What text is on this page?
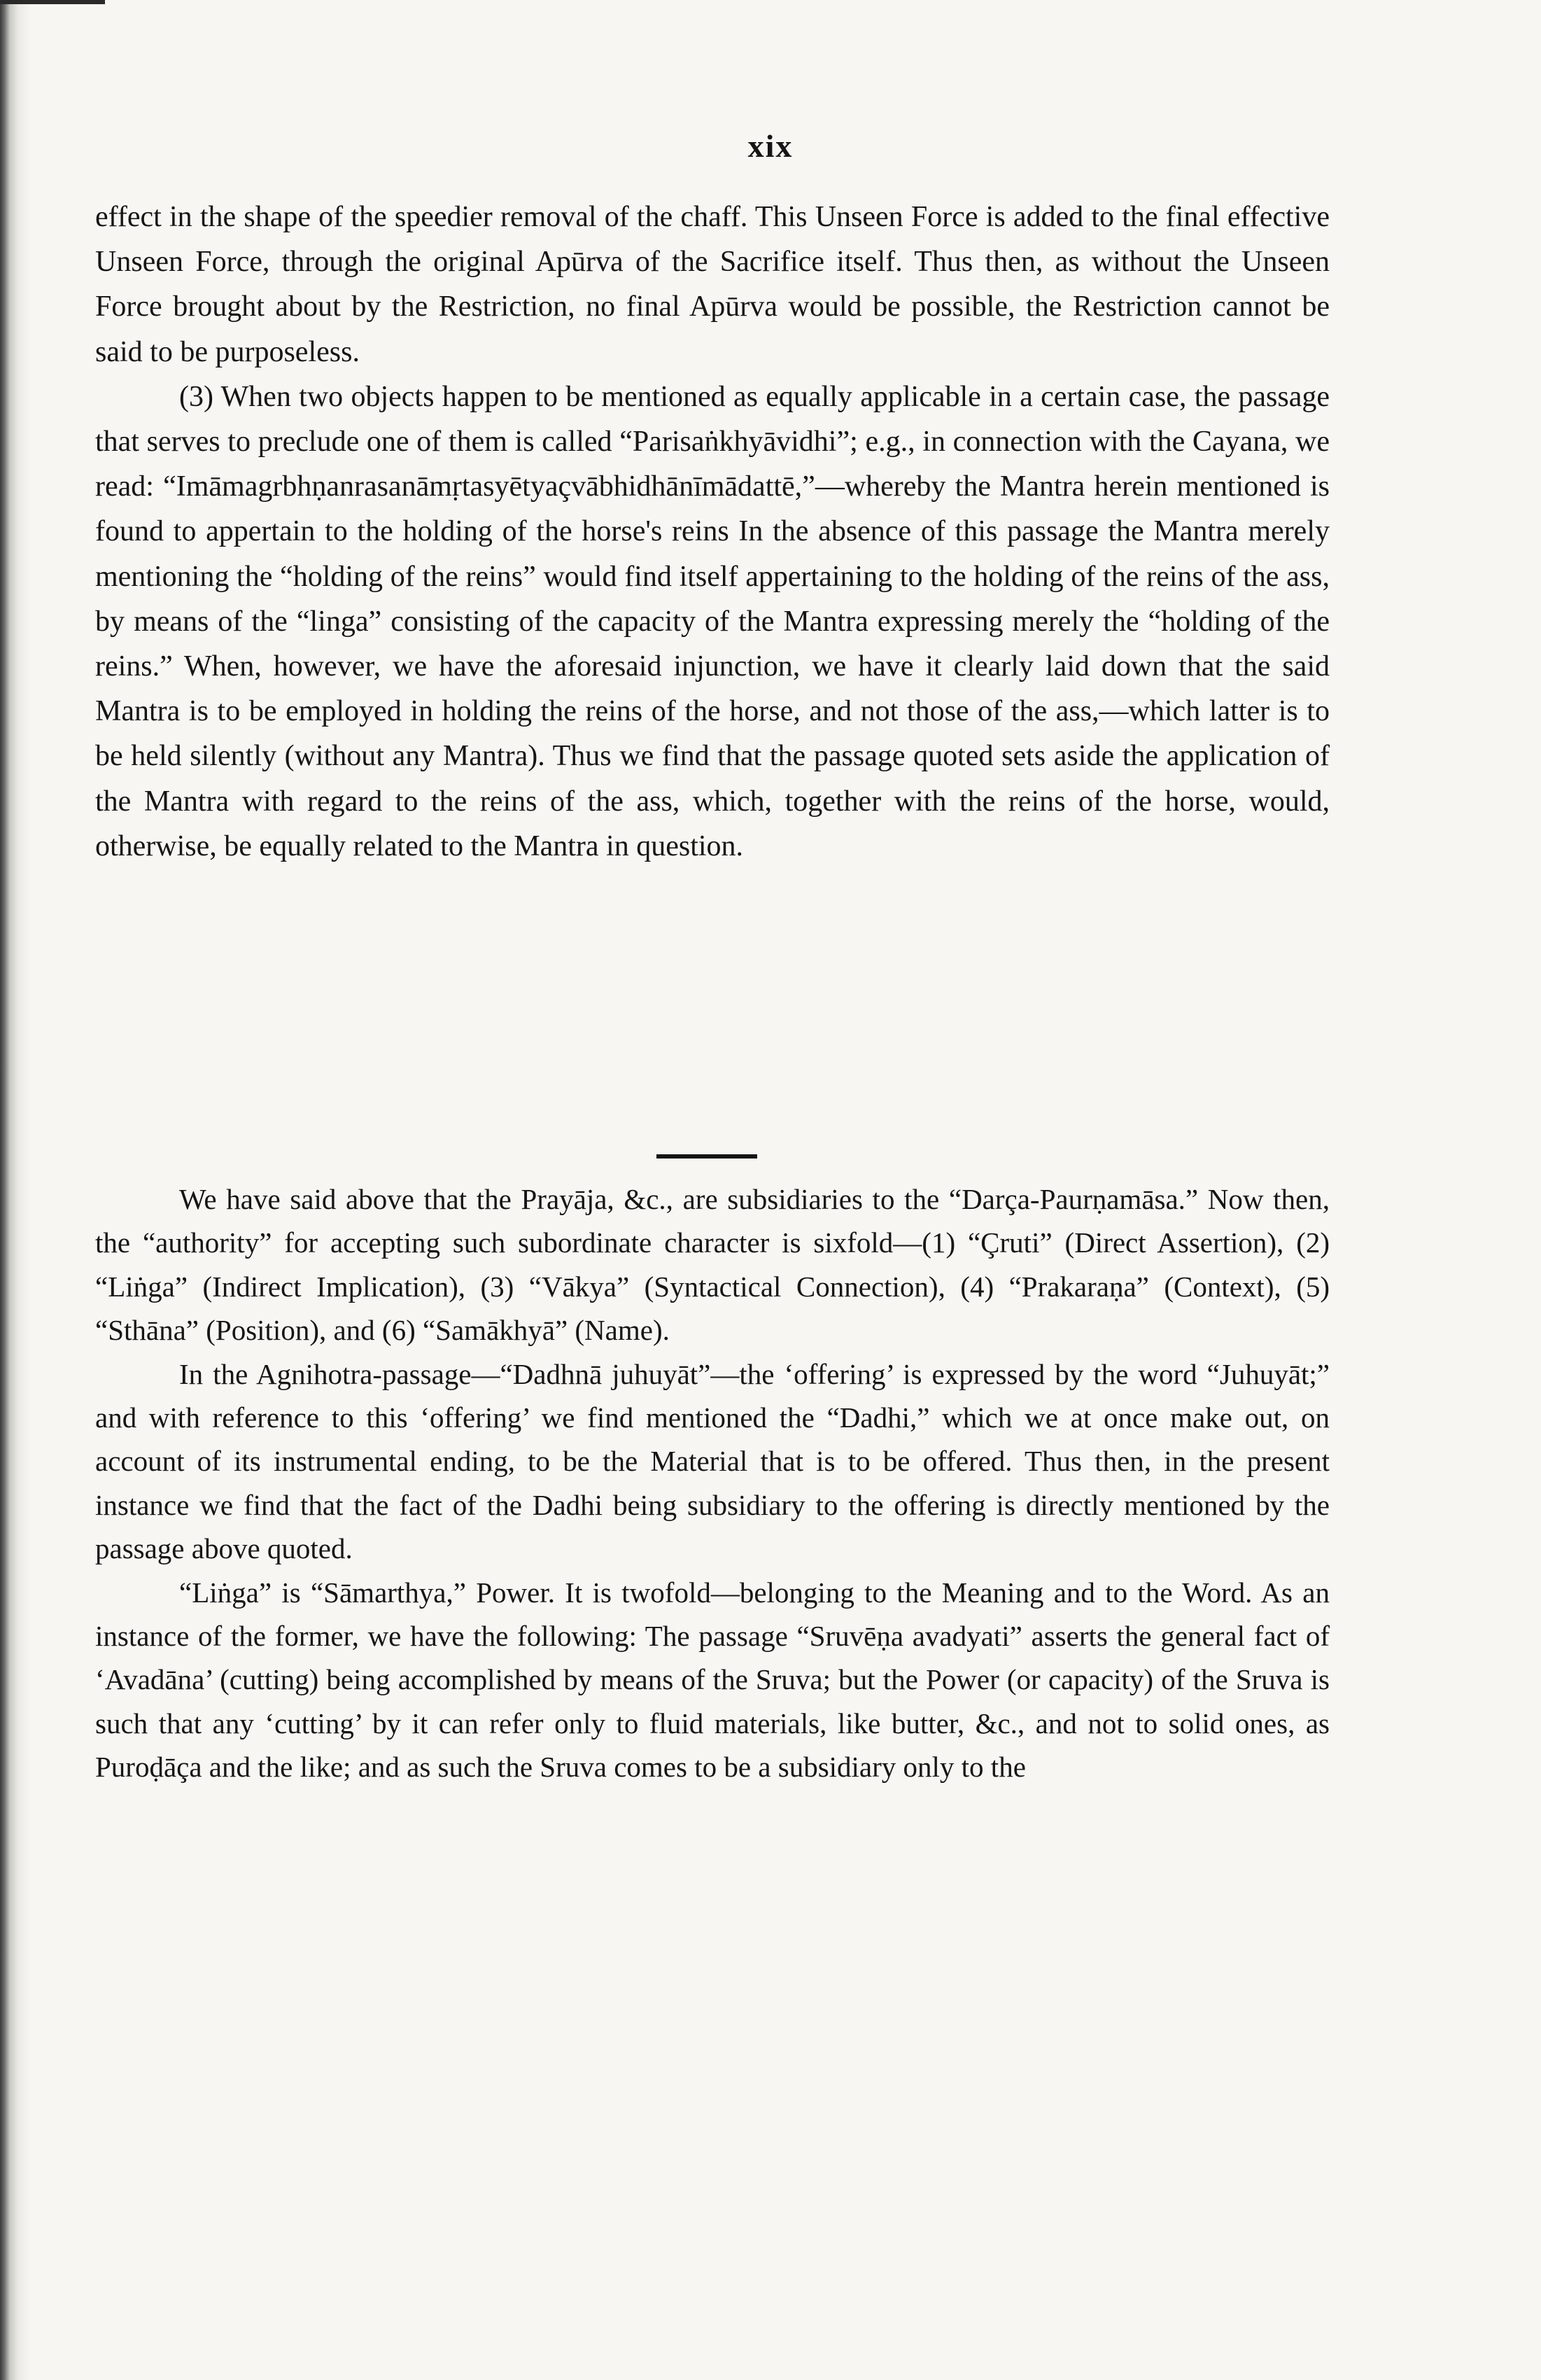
xix

effect in the shape of the speedier removal of the chaff. This Unseen Force is added to the final effective Unseen Force, through the original Apūrva of the Sacrifice itself. Thus then, as without the Unseen Force brought about by the Restriction, no final Apūrva would be possible, the Restriction cannot be said to be purposeless.

(3) When two objects happen to be mentioned as equally applicable in a certain case, the passage that serves to preclude one of them is called “Parisaṅkhyāvidhi”; e.g., in connection with the Cayana, we read: “Imāmagrbhṇanrasanāmṛtasyētyaçvābhidhānīmādattē,”—whereby the Mantra herein mentioned is found to appertain to the holding of the horse's reins In the absence of this passage the Mantra merely mentioning the “holding of the reins” would find itself appertaining to the holding of the reins of the ass, by means of the “linga” consisting of the capacity of the Mantra expressing merely the “holding of the reins.” When, however, we have the aforesaid injunction, we have it clearly laid down that the said Mantra is to be employed in holding the reins of the horse, and not those of the ass,—which latter is to be held silently (without any Mantra). Thus we find that the passage quoted sets aside the application of the Mantra with regard to the reins of the ass, which, together with the reins of the horse, would, otherwise, be equally related to the Mantra in question.

We have said above that the Prayāja, &c., are subsidiaries to the “Darça-Paurṇamāsa.” Now then, the “authority” for accepting such subordinate character is sixfold—(1) “Çruti” (Direct Assertion), (2) “Liṅga” (Indirect Implication), (3) “Vākya” (Syntactical Connection), (4) “Prakaraṇa” (Context), (5) “Sthāna” (Position), and (6) “Samākhyā” (Name).

In the Agnihotra-passage—“Dadhnā juhuyāt”—the ‘offering’ is expressed by the word “Juhuyāt;” and with reference to this ‘offering’ we find mentioned the “Dadhi,” which we at once make out, on account of its instrumental ending, to be the Material that is to be offered. Thus then, in the present instance we find that the fact of the Dadhi being subsidiary to the offering is directly mentioned by the passage above quoted.

“Liṅga” is “Sāmarthya,” Power. It is twofold—belonging to the Meaning and to the Word. As an instance of the former, we have the following: The passage “Sruvēṇa avadyati” asserts the general fact of ‘Avadāna’ (cutting) being accomplished by means of the Sruva; but the Power (or capacity) of the Sruva is such that any ‘cutting’ by it can refer only to fluid materials, like butter, &c., and not to solid ones, as Puroḍāça and the like; and as such the Sruva comes to be a subsidiary only to the
